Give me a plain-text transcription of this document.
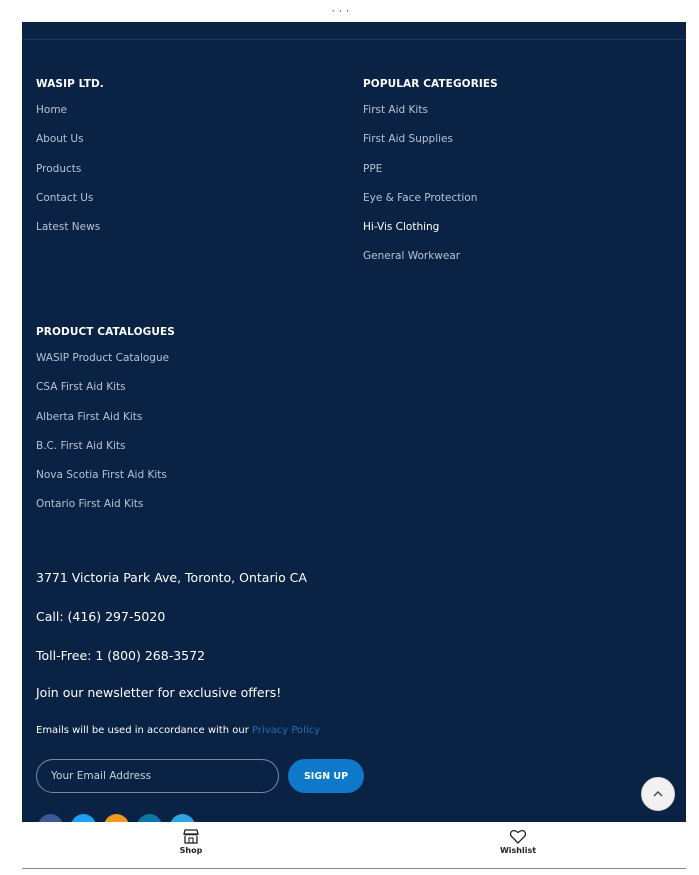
, , ,
WASIP LTD.
Home
About Us
Products
Contact Us
Latest News
POPULAR CATEGORIES
First Aid Kits
First Aid Supplies
PPE
Eye & Face Protection
Hi-Vis Clothing
General Workwear
PRODUCT CATALOGUES
WASIP Product Catalogue
CSA First Aid Kits
Alberta First Aid Kits
B.C. First Aid Kits
Nova Scotia First Aid Kits
Ontario First Aid Kits
3771 Victoria Park Ave, Toronto, Ontario CA
Call: (416) 297-5020
Toll-Free: 1 (800) 268-3572
Join our newsletter for exclusive offers!
Emails will be used in accordance with our Privacy Policy
Your Email Address	SIGN UP
Shop	Wishlist
